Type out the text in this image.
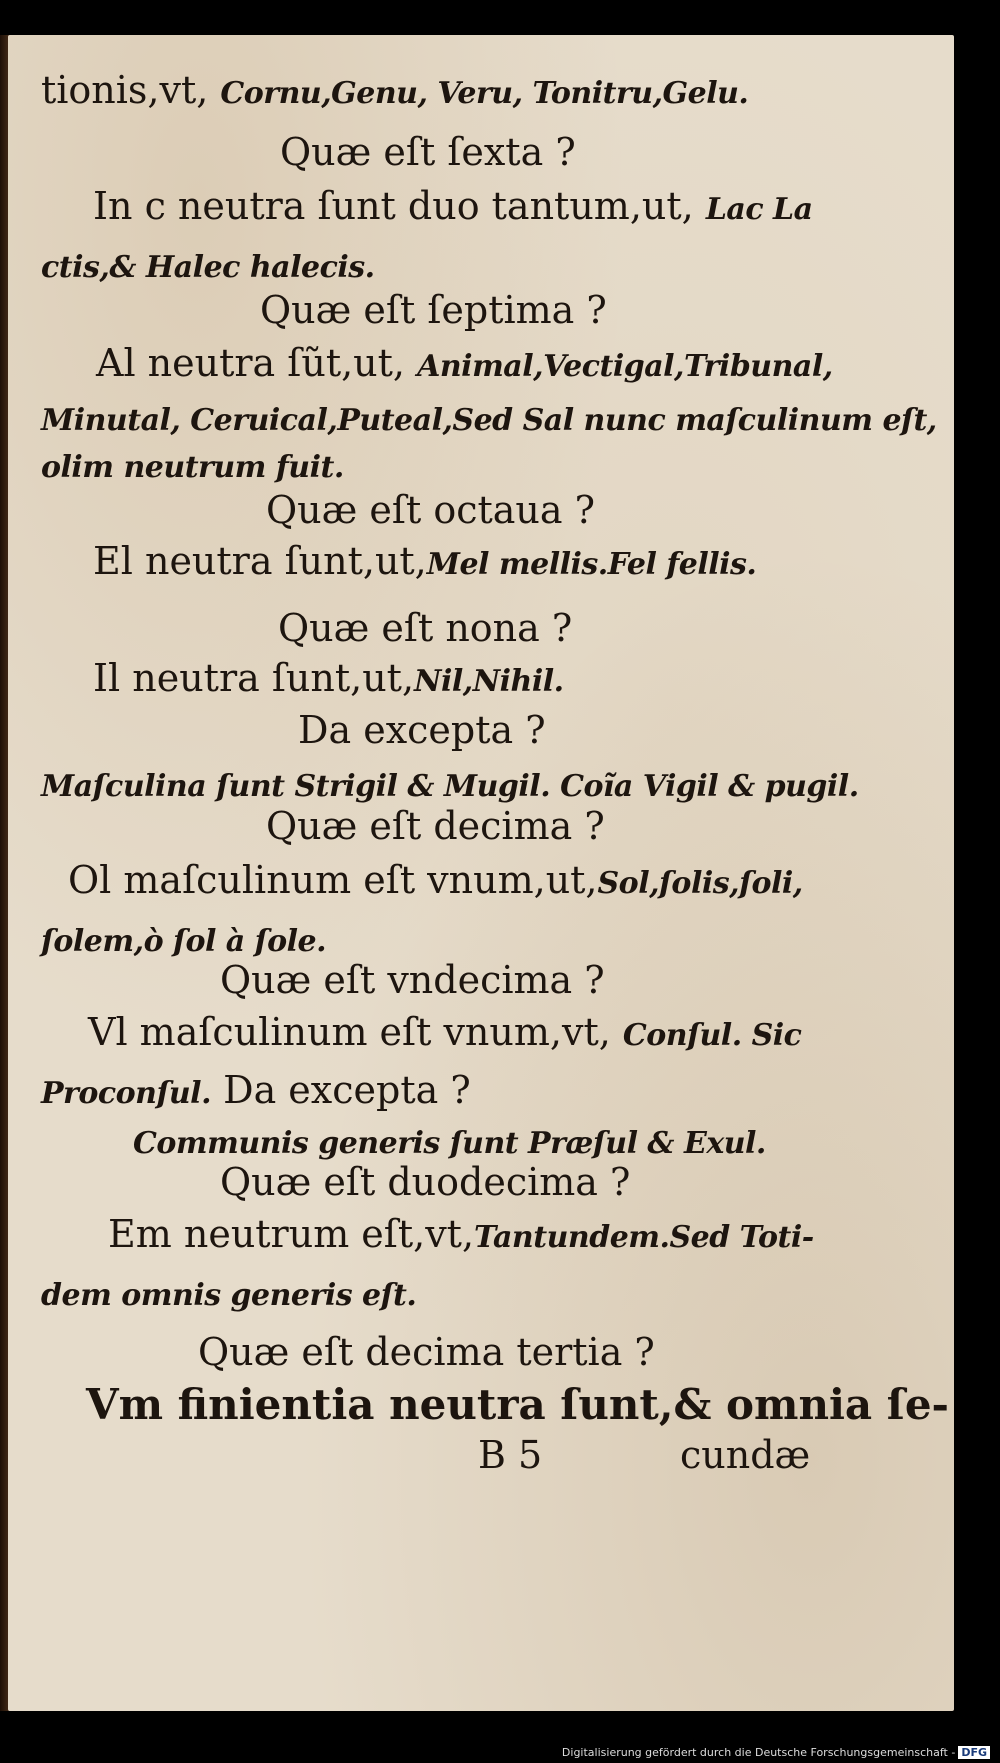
tionis,vt, Cornu,Genu, Veru, Tonitru,Gelu.
Quæ eſt ſexta ?
In c neutra ſunt duo tantum,ut, Lac La
ctis,& Halec halecis.
Quæ eſt ſeptima ?
Al neutra ſũt,ut, Animal,Vectigal,Tribunal,
Minutal, Ceruical,Puteal,Sed Sal nunc maſculinum eſt,
olim neutrum fuit.
Quæ eſt octaua ?
El neutra ſunt,ut,Mel mellis.Fel fellis.
Quæ eſt nona ?
Il neutra ſunt,ut,Nil,Nihil.
Da excepta ?
Maſculina ſunt Strigil & Mugil. Coĩa Vigil & pugil.
Quæ eſt decima ?
Ol maſculinum eſt vnum,ut,Sol,ſolis,ſoli,
ſolem,ò ſol à ſole.
Quæ eſt vndecima ?
Vl maſculinum eſt vnum,vt, Conſul. Sic
Proconſul. Da excepta ?
Communis generis ſunt Præſul & Exul.
Quæ eſt duodecima ?
Em neutrum eſt,vt,Tantundem.Sed Toti-
dem omnis generis eſt.
Quæ eſt decima tertia ?
Vm finientia neutra ſunt,& omnia ſe-
B 5	cundæ
Digitalisierung gefördert durch die Deutsche Forschungsgemeinschaft - DFG
